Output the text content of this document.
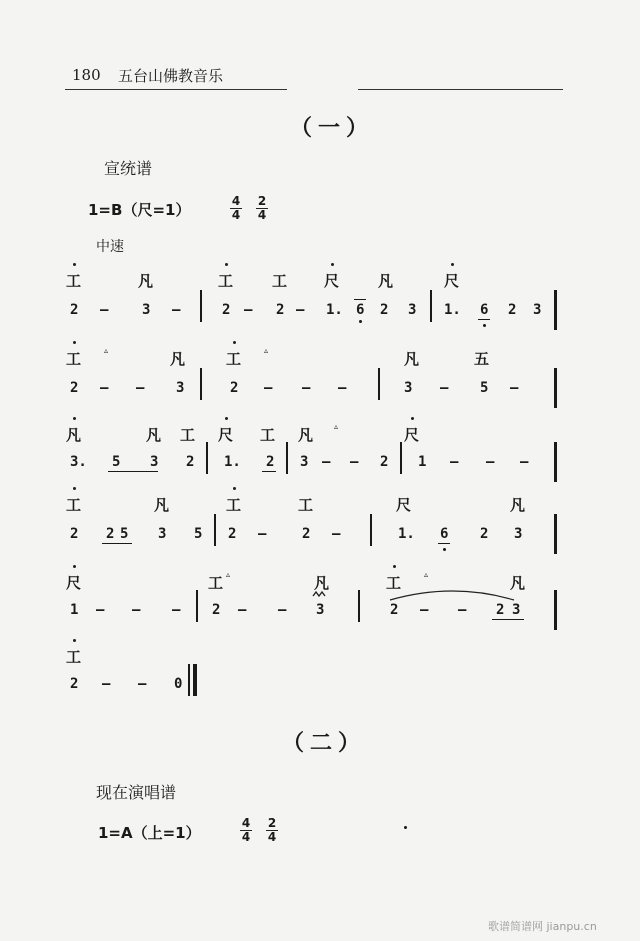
180 五台山佛教音乐
（一）
宣统谱
1=B（尺=1）	4
4
2
4
中速
工	凡	工	工 尺	凡	尺
2 — 3 —	2 — 2 — 1. 6 2 3 1. 6 2 3
工	▵	凡	工	▵	凡	五
2 — — 3	2 — — —	3 — 5 —
凡	凡 工 尺 工 凡	▵	尺
3. 5 3 2 1. 2 3 — — 2 1 — — —
工	凡	工	工	尺	凡
2 2 5 3 5 2 —	2 —	1. 6 2 3
尺	工 ▵	凡	工	▵	凡
1 — — — 2 — — 3	2 — — 2 3
工
2 — — 0
（二）
现在演唱谱
1=A（上=1）
4
4
2
4
歌谱简谱网 jianpu.cn
